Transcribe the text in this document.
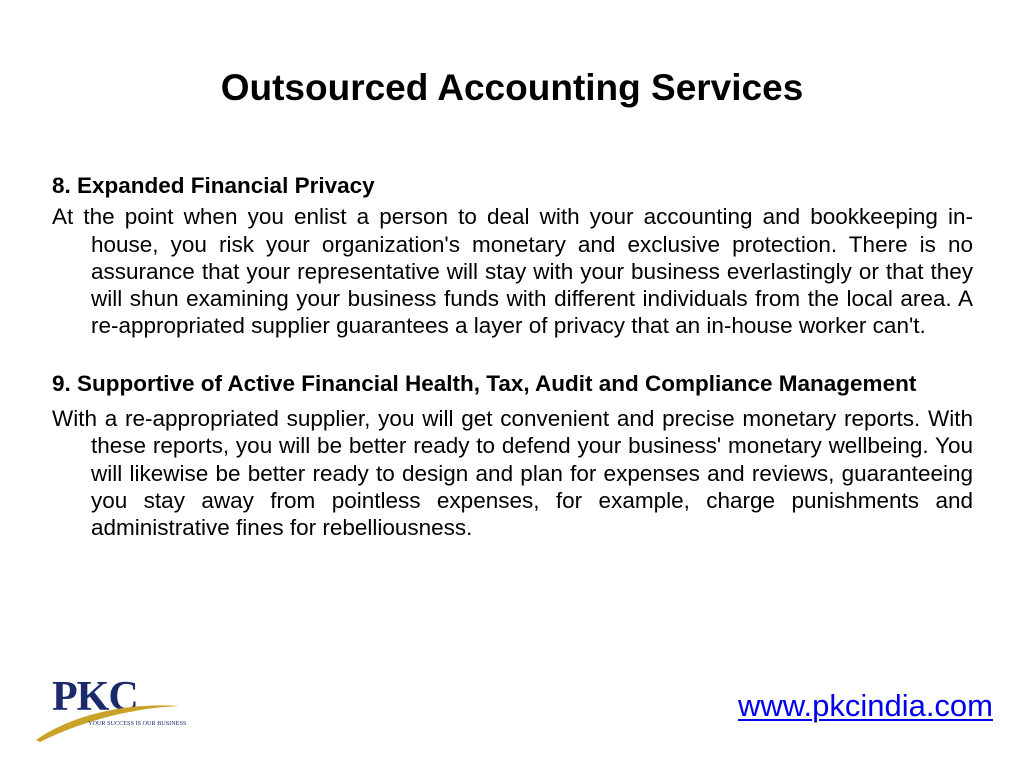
Outsourced Accounting Services

8. Expanded Financial Privacy

At the point when you enlist a person to deal with your accounting and bookkeeping in-house, you risk your organization's monetary and exclusive protection. There is no assurance that your representative will stay with your business everlastingly or that they will shun examining your business funds with different individuals from the local area. A re-appropriated supplier guarantees a layer of privacy that an in-house worker can't.

9. Supportive of Active Financial Health, Tax, Audit and Compliance Management

With a re-appropriated supplier, you will get convenient and precise monetary reports. With these reports, you will be better ready to defend your business' monetary wellbeing. You will likewise be better ready to design and plan for expenses and reviews, guaranteeing you stay away from pointless expenses, for example, charge punishments and administrative fines for rebelliousness.

PKC
YOUR SUCCESS IS OUR BUSINESS
www.pkcindia.com
